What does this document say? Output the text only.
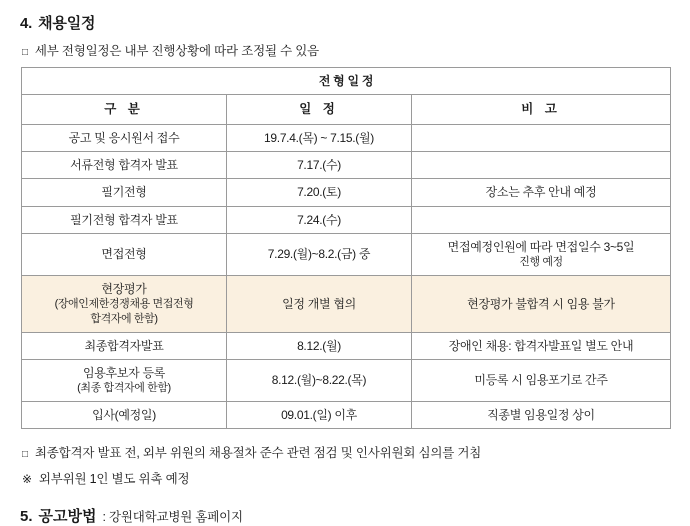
4. 채용일정
□ 세부 전형일정은 내부 진행상황에 따라 조정될 수 있음
전 형 일 정		
구 분	일 정	비 고
공고 및 응시원서 접수	19.7.4.(목) ~ 7.15.(월)	
서류전형 합격자 발표	7.17.(수)	
필기전형	7.20.(토)	장소는 추후 안내 예정
필기전형 합격자 발표	7.24.(수)	
면접전형	7.29.(월)~8.2.(금) 중	면접예정인원에 따라 면접일수 3~5일
진행 예정

현장평가
(장애인제한경쟁채용 면접전형
합격자에 한함)	일정 개별 협의	현장평가 불합격 시 임용 불가
최종합격자발표	8.12.(월)	장애인 채용: 합격자발표일 별도 안내
임용후보자 등록
(최종 합격자에 한함)	8.12.(월)~8.22.(목)	미등록 시 임용포기로 간주
입사(예정일)	09.01.(일) 이후	직종별 임용일정 상이
□ 최종합격자 발표 전, 외부 위원의 채용절차 준수 관련 점검 및 인사위원회 심의를 거침
※ 외부위원 1인 별도 위촉 예정
5. 공고방법 : 강원대학교병원 홈페이지
